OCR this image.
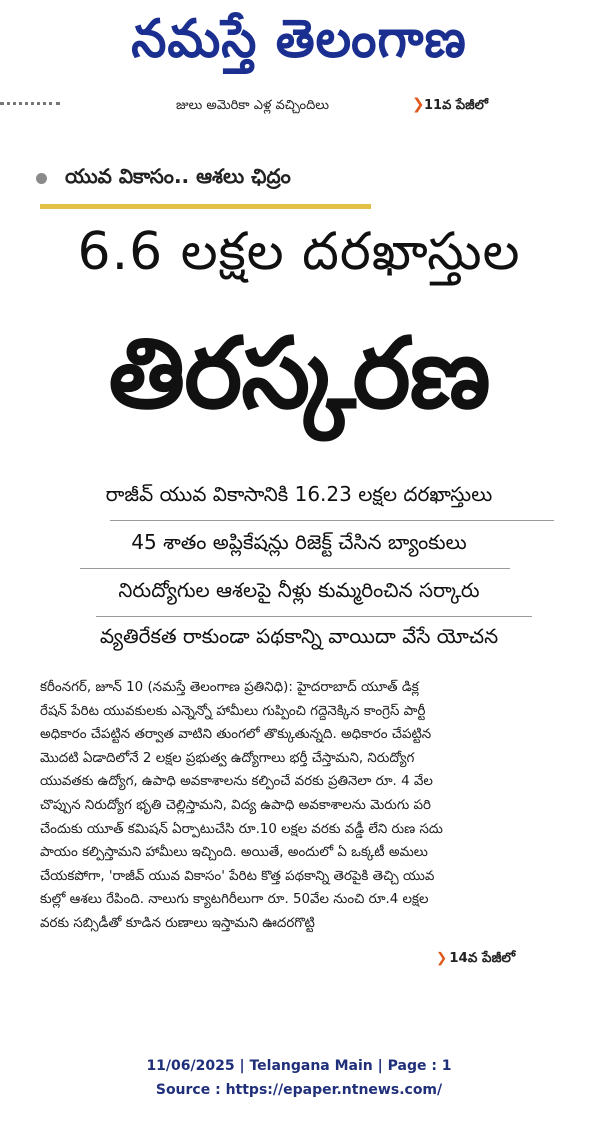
నమస్తే తెలంగాణ
జులు అమెరికా ఎళ్ల వచ్చిందిలు	❯ 11వ పేజీలో
యువ వికాసం.. ఆశలు ఛిద్రం
6.6 లక్షల దరఖాస్తుల
తిరస్కరణ
రాజీవ్ యువ వికాసానికి 16.23 లక్షల దరఖాస్తులు
45 శాతం అప్లికేషన్లు రిజెక్ట్ చేసిన బ్యాంకులు
నిరుద్యోగుల ఆశలపై నీళ్లు కుమ్మరించిన సర్కారు
వ్యతిరేకత రాకుండా పథకాన్ని వాయిదా వేసే యోచన
కరీంనగర్, జూన్ 10 (నమస్తే తెలంగాణ ప్రతినిధి): హైదరాబాద్ యూత్ డిక్ల
రేషన్ పేరిట యువకులకు ఎన్నెన్నో హామీలు గుప్పించి గద్దెనెక్కిన కాంగ్రెస్ పార్టీ
అధికారం చేపట్టిన తర్వాత వాటిని తుంగలో తొక్కుతున్నది. అధికారం చేపట్టిన
మొదటి ఏడాదిలోనే 2 లక్షల ప్రభుత్వ ఉద్యోగాలు భర్తీ చేస్తామని, నిరుద్యోగ
యువతకు ఉద్యోగ, ఉపాధి అవకాశాలను కల్పించే వరకు ప్రతినెలా రూ. 4 వేల
చొప్పున నిరుద్యోగ భృతి చెల్లిస్తామని, విద్య ఉపాధి అవకాశాలను మెరుగు పరి
చేందుకు యూత్ కమిషన్ ఏర్పాటుచేసి రూ.10 లక్షల వరకు వడ్డీ లేని రుణ సదు
పాయం కల్పిస్తామని హామీలు ఇచ్చింది. అయితే, అందులో ఏ ఒక్కటీ అమలు
చేయకపోగా, 'రాజీవ్ యువ వికాసం' పేరిట కొత్త పథకాన్ని తెరపైకి తెచ్చి యువ
కుల్లో ఆశలు రేపింది. నాలుగు క్యాటగిరీలుగా రూ. 50వేల నుంచి రూ.4 లక్షల
వరకు సబ్సిడీతో కూడిన రుణాలు ఇస్తామని ఊదరగొట్టి
❯ 14వ పేజీలో
11/06/2025 | Telangana Main | Page : 1
Source : https://epaper.ntnews.com/
